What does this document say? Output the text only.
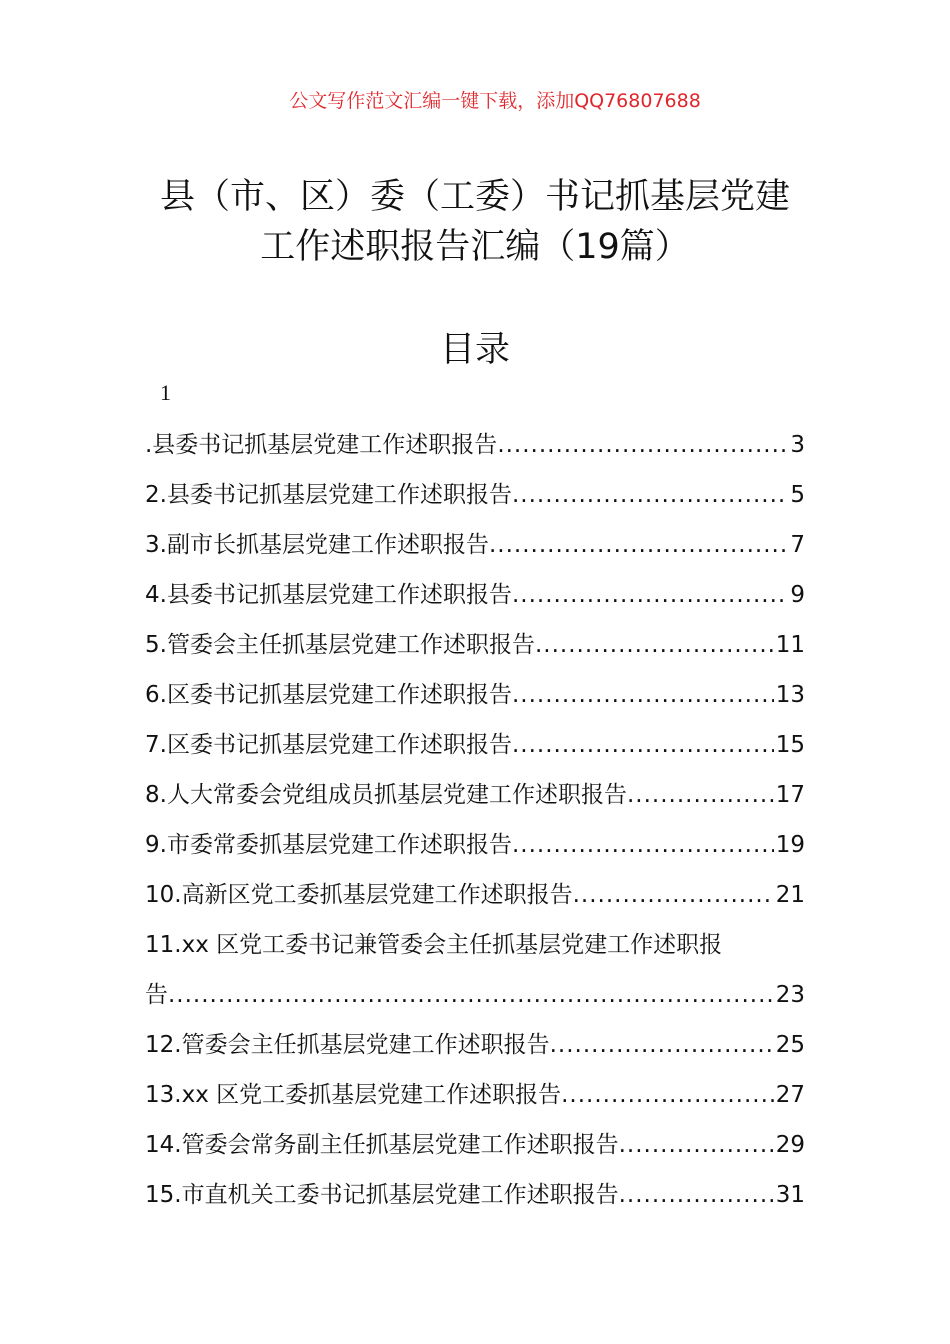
公文写作范文汇编一键下载，添加QQ76807688
县（市、区）委（工委）书记抓基层党建
工作述职报告汇编（19篇）
目录
1
.县委书记抓基层党建工作述职报告 .....	3
2.县委书记抓基层党建工作述职报告 .....	5
3.副市长抓基层党建工作述职报告 .....	7
4.县委书记抓基层党建工作述职报告 .....	9
5.管委会主任抓基层党建工作述职报告 .....	11
6.区委书记抓基层党建工作述职报告 .....	13
7.区委书记抓基层党建工作述职报告 .....	15
8.人大常委会党组成员抓基层党建工作述职报告 .....	17
9.市委常委抓基层党建工作述职报告 .....	19
10.高新区党工委抓基层党建工作述职报告 .....	21
11.xx 区党工委书记兼管委会主任抓基层党建工作述职报
告 .....	23
12.管委会主任抓基层党建工作述职报告 .....	25
13.xx 区党工委抓基层党建工作述职报告 .....	27
14.管委会常务副主任抓基层党建工作述职报告 .....	29
15.市直机关工委书记抓基层党建工作述职报告 .....	31
